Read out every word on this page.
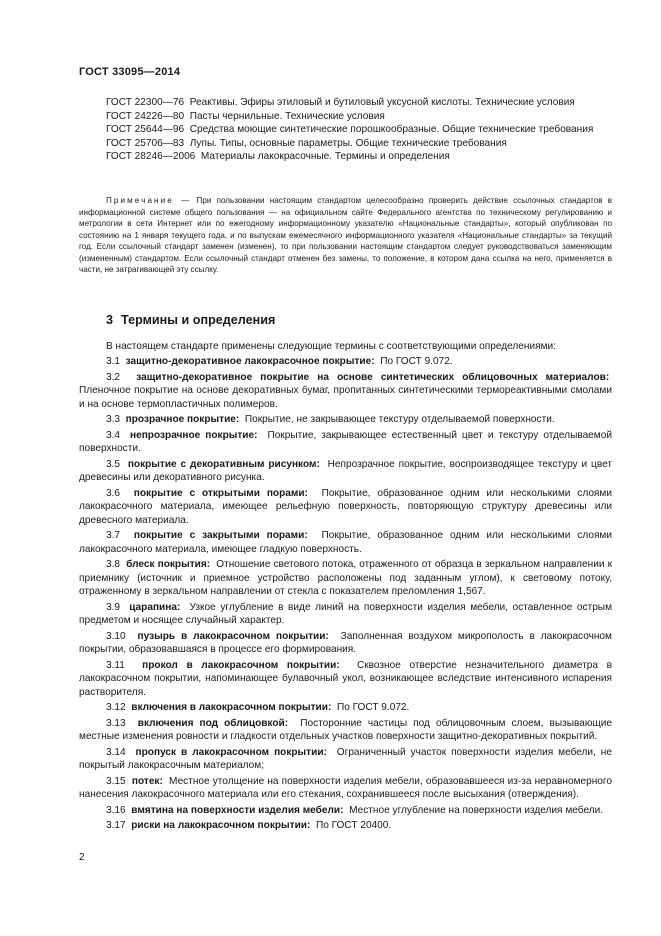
ГОСТ 33095—2014

ГОСТ 22300—76 Реактивы. Эфиры этиловый и бутиловый уксусной кислоты. Технические условия

ГОСТ 24226—80 Пасты чернильные. Технические условия

ГОСТ 25644—96 Средства моющие синтетические порошкообразные. Общие технические требования

ГОСТ 25706—83 Лупы. Типы, основные параметры. Общие технические требования

ГОСТ 28246—2006 Материалы лакокрасочные. Термины и определения

Примечание — При пользовании настоящим стандартом целесообразно проверить действие ссылочных стандартов в информационной системе общего пользования — на официальном сайте Федерального агентства по техническому регулированию и метрологии в сети Интернет или по ежегодному информационному указателю «Национальные стандарты», который опубликован по состоянию на 1 января текущего года, и по выпускам ежемесячного информационного указателя «Национальные стандарты» за текущий год. Если ссылочный стандарт заменен (изменен), то при пользовании настоящим стандартом следует руководствоваться заменяющим (измененным) стандартом. Если ссылочный стандарт отменен без замены, то положение, в котором дана ссылка на него, применяется в части, не затрагивающей эту ссылку.

3 Термины и определения

В настоящем стандарте применены следующие термины с соответствующими определениями:

3.1 защитно-декоративное лакокрасочное покрытие: По ГОСТ 9.072.

3.2 защитно-декоративное покрытие на основе синтетических облицовочных материалов:  Пленочное покрытие на основе декоративных бумаг, пропитанных синтетическими термореактивными смолами и на основе термопластичных полимеров.

3.3 прозрачное покрытие: Покрытие, не закрывающее текстуру отделываемой поверхности.

3.4 непрозрачное покрытие: Покрытие, закрывающее естественный цвет и текстуру отделываемой поверхности.

3.5 покрытие с декоративным рисунком: Непрозрачное покрытие, воспроизводящее текстуру и цвет древесины или декоративного рисунка.

3.6 покрытие с открытыми порами: Покрытие, образованное одним или несколькими слоями лакокрасочного материала, имеющее рельефную поверхность, повторяющую структуру древесины или древесного материала.

3.7 покрытие с закрытыми порами: Покрытие, образованное одним или несколькими слоями лакокрасочного материала, имеющее гладкую поверхность.

3.8 блеск покрытия: Отношение светового потока, отраженного от образца в зеркальном направлении к приемнику (источник и приемное устройство расположены под заданным углом), к световому потоку, отраженному в зеркальном направлении от стекла с показателем преломления 1,567.

3.9 царапина: Узкое углубление в виде линий на поверхности изделия мебели, оставленное острым предметом и носящее случайный характер.

3.10 пузырь в лакокрасочном покрытии: Заполненная воздухом микрополость в лакокрасочном покрытии, образовавшаяся в процессе его формирования.

3.11 прокол в лакокрасочном покрытии: Сквозное отверстие незначительного диаметра в лакокрасочном покрытии, напоминающее булавочный укол, возникающее вследствие интенсивного испарения растворителя.

3.12 включения в лакокрасочном покрытии: По ГОСТ 9.072.

3.13 включения под облицовкой: Посторонние частицы под облицовочным слоем, вызывающие местные изменения ровности и гладкости отдельных участков поверхности защитно-декоративных покрытий.

3.14 пропуск в лакокрасочном покрытии: Ограниченный участок поверхности изделия мебели, не покрытый лакокрасочным материалом;

3.15 потек: Местное утолщение на поверхности изделия мебели, образовавшееся из-за неравномерного нанесения лакокрасочного материала или его стекания, сохранившееся после высыхания (отверждения).

3.16 вмятина на поверхности изделия мебели: Местное углубление на поверхности изделия мебели.

3.17 риски на лакокрасочном покрытии: По ГОСТ 20400.

2
